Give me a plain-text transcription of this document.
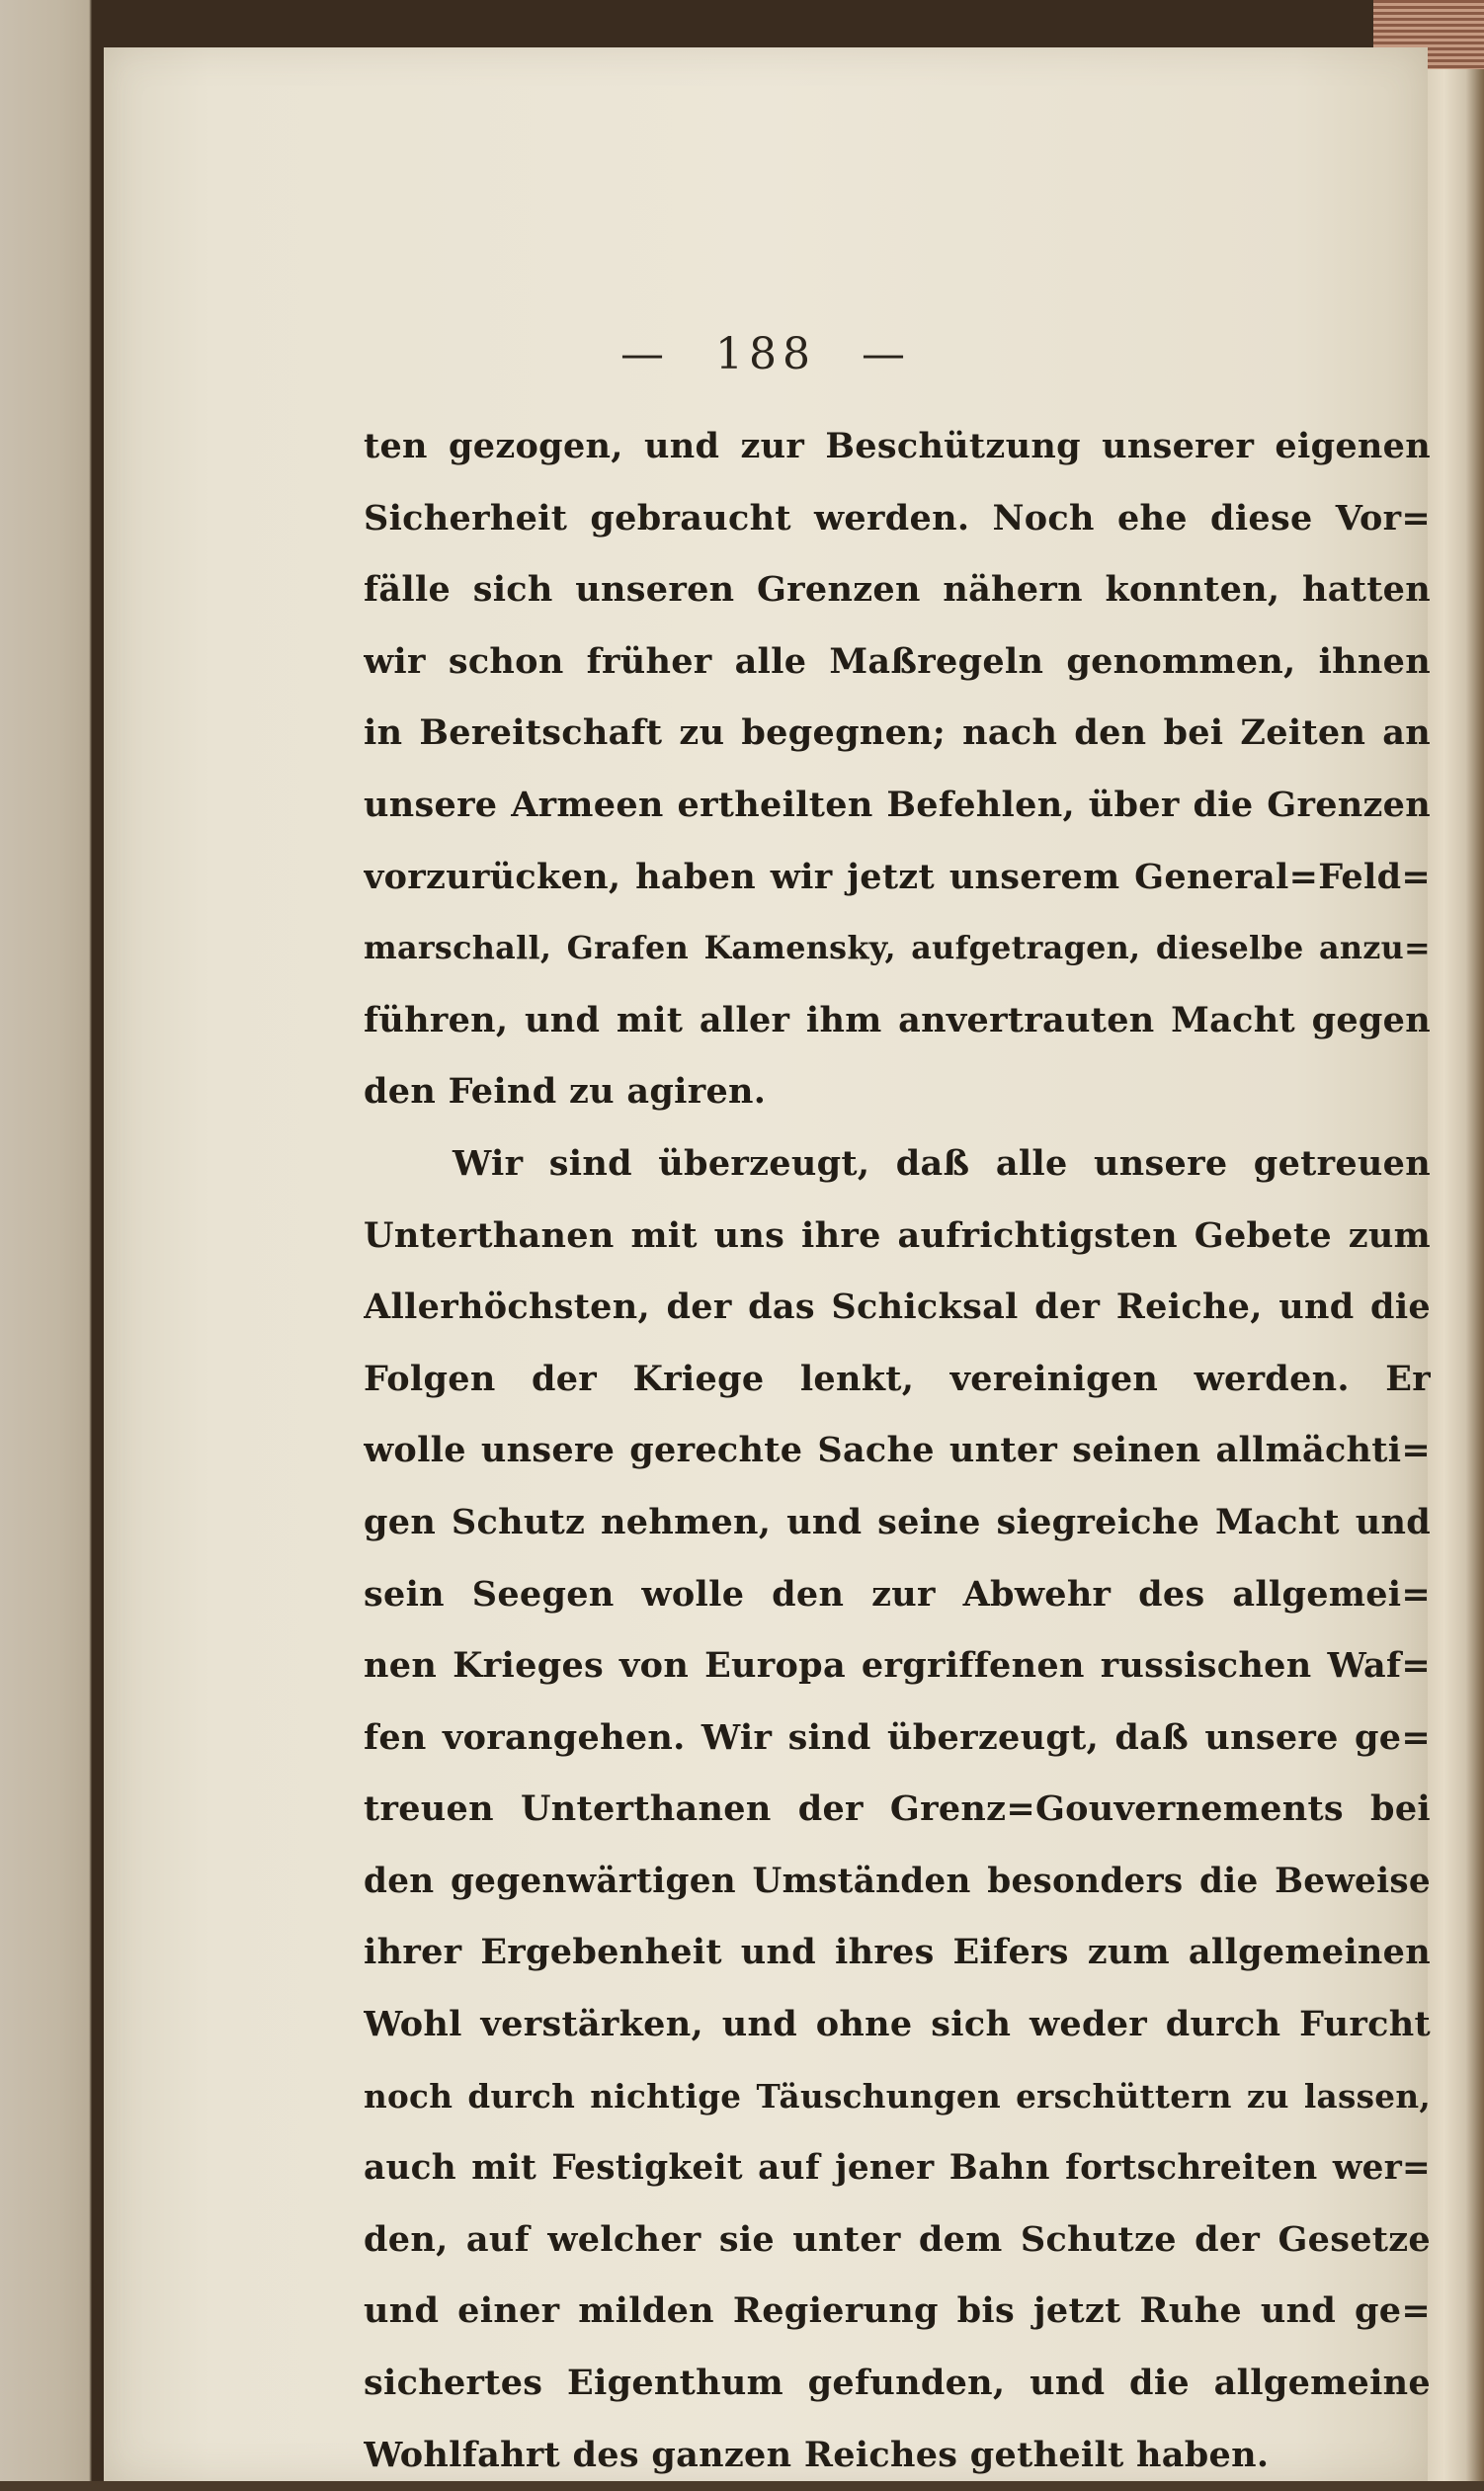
— 188 —
ten gezogen, und zur Beschützung unserer eigenen
Sicherheit gebraucht werden. Noch ehe diese Vor=
fälle sich unseren Grenzen nähern konnten, hatten
wir schon früher alle Maßregeln genommen, ihnen
in Bereitschaft zu begegnen; nach den bei Zeiten an
unsere Armeen ertheilten Befehlen, über die Grenzen
vorzurücken, haben wir jetzt unserem General=Feld=
marschall, Grafen Kamensky, aufgetragen, dieselbe anzu=
führen, und mit aller ihm anvertrauten Macht gegen
den Feind zu agiren.
Wir sind überzeugt, daß alle unsere getreuen
Unterthanen mit uns ihre aufrichtigsten Gebete zum
Allerhöchsten, der das Schicksal der Reiche, und die
Folgen der Kriege lenkt, vereinigen werden. Er
wolle unsere gerechte Sache unter seinen allmächti=
gen Schutz nehmen, und seine siegreiche Macht und
sein Seegen wolle den zur Abwehr des allgemei=
nen Krieges von Europa ergriffenen russischen Waf=
fen vorangehen. Wir sind überzeugt, daß unsere ge=
treuen Unterthanen der Grenz=Gouvernements bei
den gegenwärtigen Umständen besonders die Beweise
ihrer Ergebenheit und ihres Eifers zum allgemeinen
Wohl verstärken, und ohne sich weder durch Furcht
noch durch nichtige Täuschungen erschüttern zu lassen,
auch mit Festigkeit auf jener Bahn fortschreiten wer=
den, auf welcher sie unter dem Schutze der Gesetze
und einer milden Regierung bis jetzt Ruhe und ge=
sichertes Eigenthum gefunden, und die allgemeine
Wohlfahrt des ganzen Reiches getheilt haben.
